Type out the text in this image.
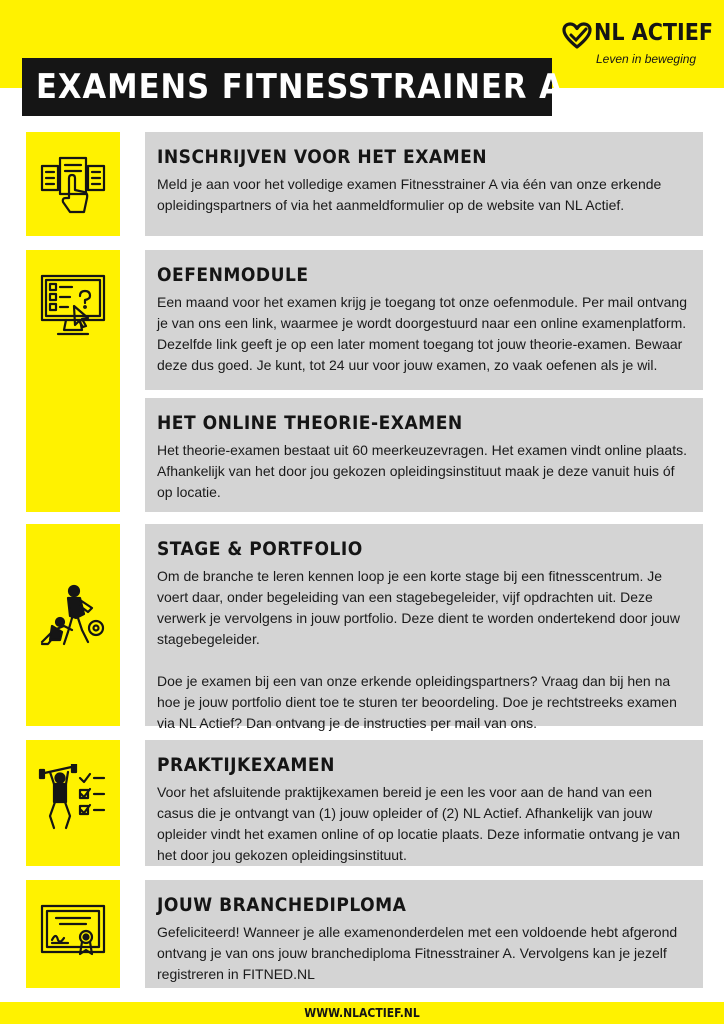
EXAMENS FITNESSTRAINER A
NL ACTIEF
Leven in beweging
INSCHRIJVEN VOOR HET EXAMEN

Meld je aan voor het volledige examen Fitnesstrainer A via één van onze erkende opleidingspartners of via het aanmeldformulier op de website van NL Actief.

OEFENMODULE

Een maand voor het examen krijg je toegang tot onze oefenmodule. Per mail ontvang je van ons een link, waarmee je wordt doorgestuurd naar een online examenplatform. Dezelfde link geeft je op een later moment toegang tot jouw theorie-examen. Bewaar deze dus goed. Je kunt, tot 24 uur voor jouw examen, zo vaak oefenen als je wil.

HET ONLINE THEORIE-EXAMEN

Het theorie-examen bestaat uit 60 meerkeuzevragen. Het examen vindt online plaats. Afhankelijk van het door jou gekozen opleidingsinstituut maak je deze vanuit huis óf op locatie.

STAGE & PORTFOLIO

Om de branche te leren kennen loop je een korte stage bij een fitnesscentrum. Je voert daar, onder begeleiding van een stagebegeleider, vijf opdrachten uit. Deze verwerk je vervolgens in jouw portfolio. Deze dient te worden ondertekend door jouw stagebegeleider.

Doe je examen bij een van onze erkende opleidingspartners? Vraag dan bij hen na hoe je jouw portfolio dient toe te sturen ter beoordeling. Doe je rechtstreeks examen via NL Actief? Dan ontvang je de instructies per mail van ons.

PRAKTIJKEXAMEN

Voor het afsluitende praktijkexamen bereid je een les voor aan de hand van een casus die je ontvangt van (1) jouw opleider of (2) NL Actief. Afhankelijk van jouw opleider vindt het examen online of op locatie plaats. Deze informatie ontvang je van het door jou gekozen opleidingsinstituut.

JOUW BRANCHEDIPLOMA

Gefeliciteerd! Wanneer je alle examenonderdelen met een voldoende hebt afgerond ontvang je van ons jouw branchediploma Fitnesstrainer A. Vervolgens kan je jezelf registreren in FITNED.NL

WWW.NLACTIEF.NL
